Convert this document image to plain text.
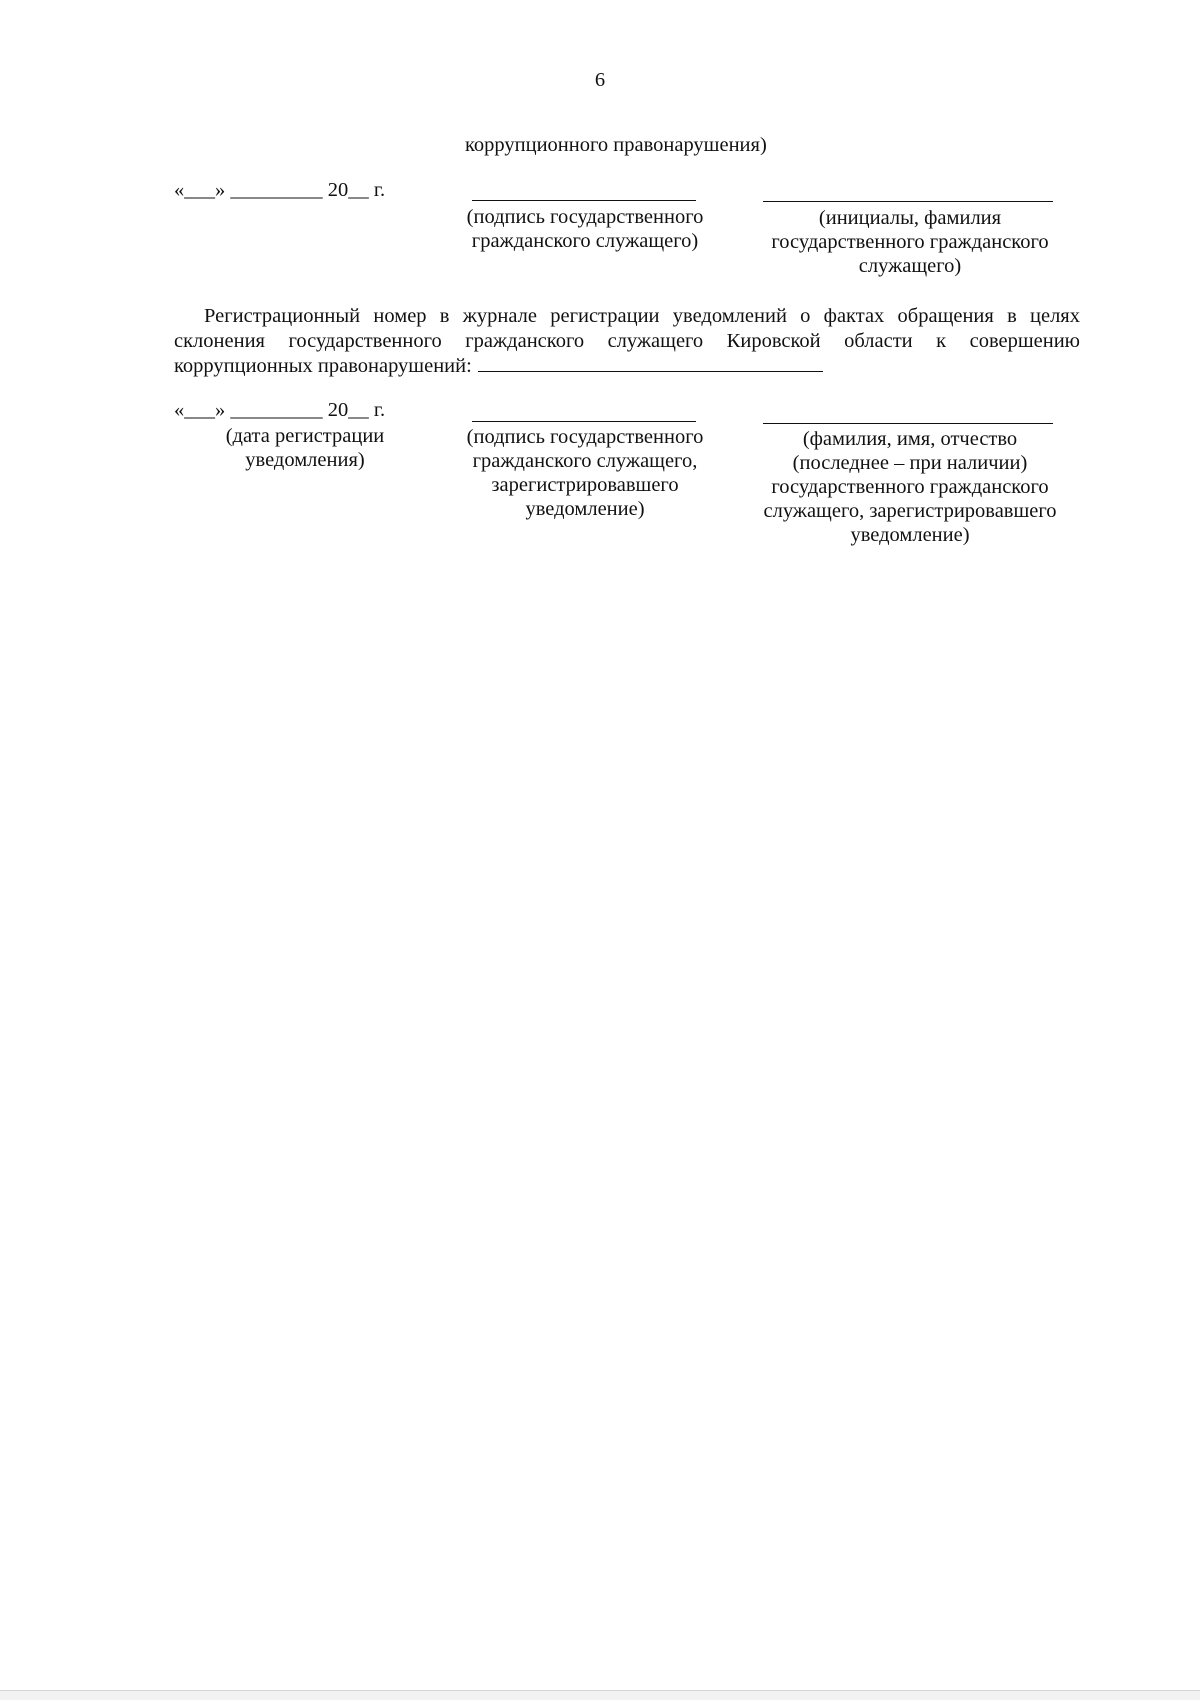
6
коррупционного правонарушения)
«___» _________ 20__ г.
(подпись государственного
гражданского служащего)
(инициалы, фамилия
государственного гражданского
служащего)
Регистрационный номер в журнале регистрации уведомлений о фактах обращения в целях склонения государственного гражданского служащего Кировской области к совершению коррупционных правонарушений:
«___» _________ 20__ г.
(дата регистрации
уведомления)
(подпись государственного
гражданского служащего,
зарегистрировавшего
уведомление)
(фамилия, имя, отчество
(последнее – при наличии)
государственного гражданского
служащего, зарегистрировавшего
уведомление)
